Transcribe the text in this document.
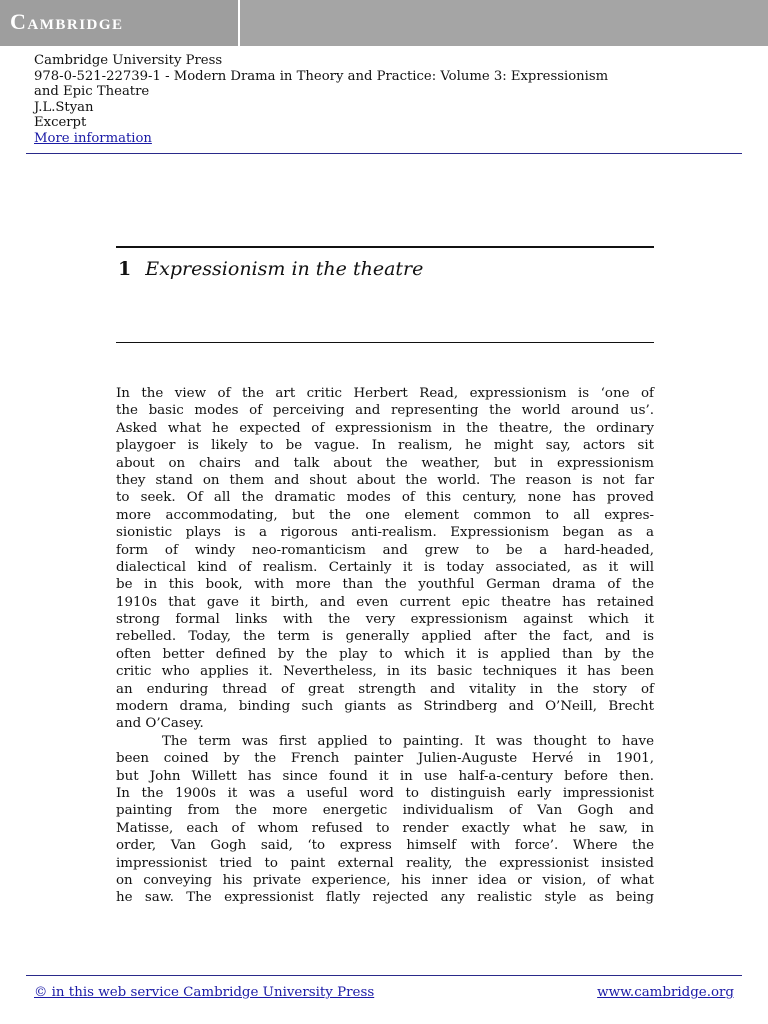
Cambridge
Cambridge University Press
978-0-521-22739-1 - Modern Drama in Theory and Practice: Volume 3: Expressionism
and Epic Theatre
J.L.Styan
Excerpt
More information
1 Expressionism in the theatre
In the view of the art critic Herbert Read, expressionism is ‘one of
the basic modes of perceiving and representing the world around us’.
Asked what he expected of expressionism in the theatre, the ordinary
playgoer is likely to be vague. In realism, he might say, actors sit
about on chairs and talk about the weather, but in expressionism
they stand on them and shout about the world. The reason is not far
to seek. Of all the dramatic modes of this century, none has proved
more accommodating, but the one element common to all expres-
sionistic plays is a rigorous anti-realism. Expressionism began as a
form of windy neo-romanticism and grew to be a hard-headed,
dialectical kind of realism. Certainly it is today associated, as it will
be in this book, with more than the youthful German drama of the
1910s that gave it birth, and even current epic theatre has retained
strong formal links with the very expressionism against which it
rebelled. Today, the term is generally applied after the fact, and is
often better defined by the play to which it is applied than by the
critic who applies it. Nevertheless, in its basic techniques it has been
an enduring thread of great strength and vitality in the story of
modern drama, binding such giants as Strindberg and O’Neill, Brecht
and O’Casey.
The term was first applied to painting. It was thought to have
been coined by the French painter Julien-Auguste Hervé in 1901,
but John Willett has since found it in use half-a-century before then.
In the 1900s it was a useful word to distinguish early impressionist
painting from the more energetic individualism of Van Gogh and
Matisse, each of whom refused to render exactly what he saw, in
order, Van Gogh said, ‘to express himself with force’. Where the
impressionist tried to paint external reality, the expressionist insisted
on conveying his private experience, his inner idea or vision, of what
he saw. The expressionist flatly rejected any realistic style as being
© in this web service Cambridge University Press	www.cambridge.org
